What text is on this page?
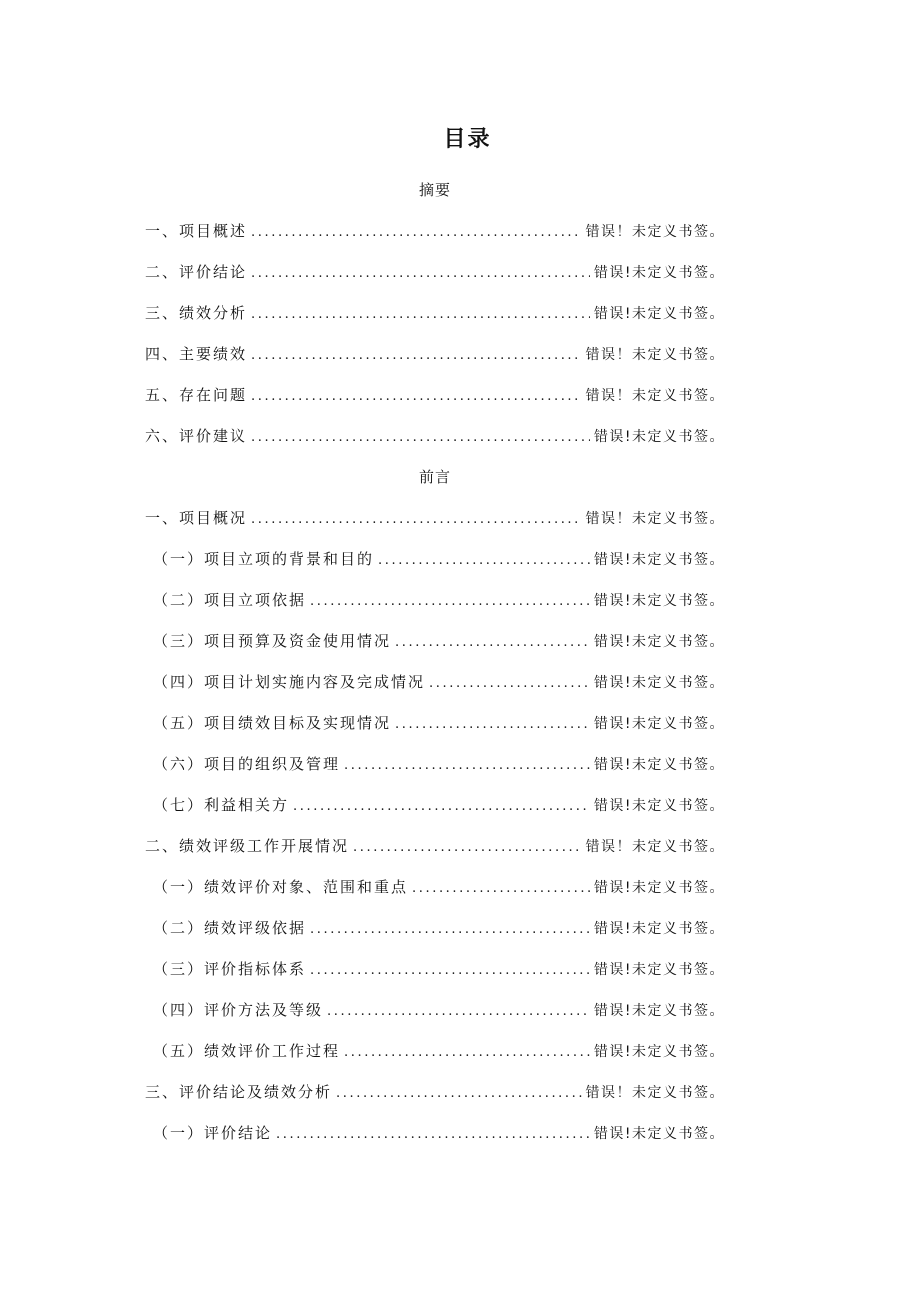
目录
摘要
一、项目概述 .....	错误！未定义书签。
二、评价结论 .....	错误!未定义书签。
三、绩效分析 .....	错误!未定义书签。
四、主要绩效 .....	错误！未定义书签。
五、存在问题 .....	错误！未定义书签。
六、评价建议 .....	错误!未定义书签。
前言
一、项目概况 .....	错误！未定义书签。
（一）项目立项的背景和目的 .....	错误!未定义书签。
（二）项目立项依据 .....	错误!未定义书签。
（三）项目预算及资金使用情况 .....	错误!未定义书签。
（四）项目计划实施内容及完成情况 .....	错误!未定义书签。
（五）项目绩效目标及实现情况 .....	错误!未定义书签。
（六）项目的组织及管理 .....	错误!未定义书签。
（七）利益相关方 .....	错误!未定义书签。
二、绩效评级工作开展情况 .....	错误！未定义书签。
（一）绩效评价对象、范围和重点 .....	错误!未定义书签。
（二）绩效评级依据 .....	错误!未定义书签。
（三）评价指标体系 .....	错误!未定义书签。
（四）评价方法及等级 .....	错误!未定义书签。
（五）绩效评价工作过程 .....	错误!未定义书签。
三、评价结论及绩效分析 .....	错误！未定义书签。
（一）评价结论 .....	错误!未定义书签。
